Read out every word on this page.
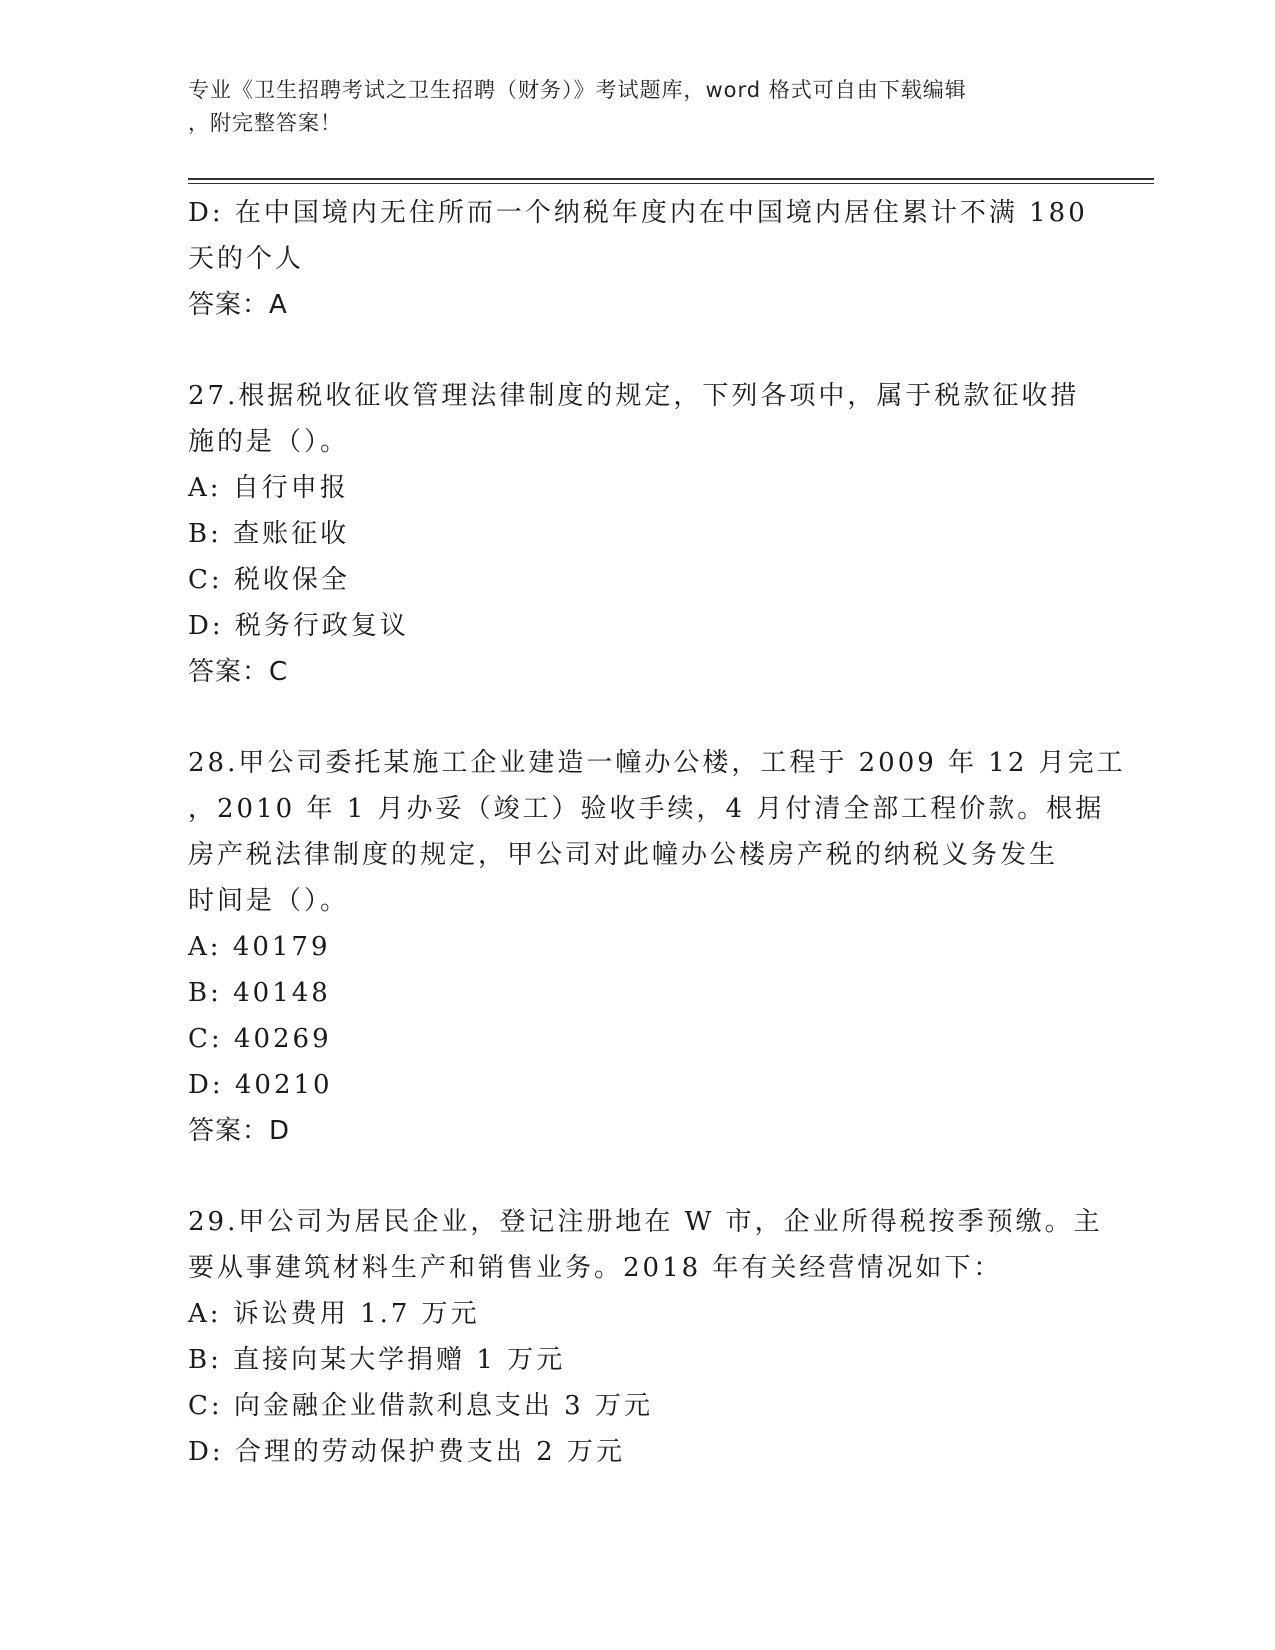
专业《卫生招聘考试之卫生招聘（财务）》考试题库，word 格式可自由下载编辑
，附完整答案！
D: 在中国境内无住所而一个纳税年度内在中国境内居住累计不满 180
天的个人
答案：A
27.根据税收征收管理法律制度的规定，下列各项中，属于税款征收措
施的是（）。
A: 自行申报
B: 查账征收
C: 税收保全
D: 税务行政复议
答案：C
28.甲公司委托某施工企业建造一幢办公楼，工程于 2009 年 12 月完工
，2010 年 1 月办妥（竣工）验收手续，4 月付清全部工程价款。根据
房产税法律制度的规定，甲公司对此幢办公楼房产税的纳税义务发生
时间是（）。
A: 40179
B: 40148
C: 40269
D: 40210
答案：D
29.甲公司为居民企业，登记注册地在 W 市，企业所得税按季预缴。主
要从事建筑材料生产和销售业务。2018 年有关经营情况如下：
A: 诉讼费用 1.7 万元
B: 直接向某大学捐赠 1 万元
C: 向金融企业借款利息支出 3 万元
D: 合理的劳动保护费支出 2 万元
